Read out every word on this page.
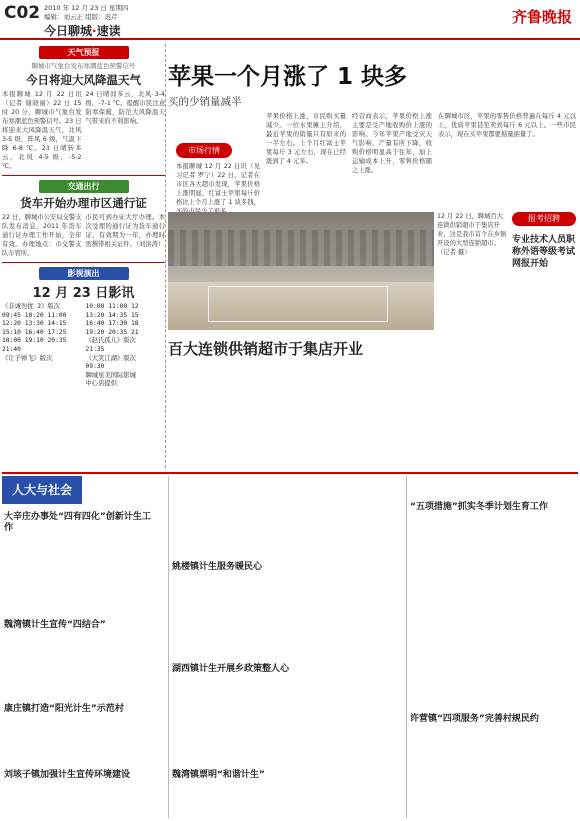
C02 2010 年 12 月 23 日 星期四
编辑：刘云正 组版：迟芹
今日聊城·速读
齐鲁晚报
天气预报
聊城市气象台发布寒潮蓝色预警信号
今日将迎大风降温天气
本报聊城 12 月 22 日讯（记者 谢晓丽）22 日 15 时 20 分，聊城市气象台发布寒潮蓝色预警信号。23 日将迎来大风降温天气，北风 3-5 级，阵风 6 级，气温下降 6-8 ℃。23 日晴转多云，北风 4-5 级，-5-2 ℃。
24 日晴间多云，北风 3-4 级，-7-1 ℃。提醒市民注意防寒保暖，防范大风降温天气带来的不利影响。
交通出行
货车开始办理市区通行证
22 日，聊城市公安局交警支队发布消息，2011 年货车通行证办理工作开始，全年有效。办理地点：市交警支队车管所。
市民可到办证大厅办理。本次受理的通行证为货车通行证，有效期为一年，办理时需携带相关证件。（刘洪涛）
影视演出
12 月 23 日影讯
《非诚勿扰 2》版次
09:45 10:20 11:00
12:20 13:30 14:15
15:10 16:40 17:25
18:00 19:10 20:35
21:40
《让子弹飞》版次
10:00 11:00 12
13:20 14:35 15
16:40 17:30 18
19:20 20:35 21
《赵氏孤儿》版次
21:35
《大笑江湖》版次
09:30
聊城星美国际影城
中心店提供
苹果一个月涨了 1 块多
买的少销量减半
市场行情
本报聊城 12 月 22 日讯（见习记者 罗宁）22 日，记者在市区各大超市发现，苹果价格上涨明显，红富士苹果每斤价格比上个月上涨了 1 块多钱，
苹果价格上涨，市民购买量减少。一位水果摊主介绍，最近苹果的销量只有原来的一半左右。上个月红富士苹果每斤 3 元左右，现在已经涨到了 4 元多。
经营商表示，苹果价格上涨主要是受产地收购价上涨的影响。今年苹果产地受灾天气影响，产量有所下降，收购价格明显高于往年，加上运输成本上升，零售价格随之上涨。
在聊城市区，苹果的零售价格普遍在每斤 4 元以上，优质苹果甚至卖到每斤 6 元以上。一些市民表示，现在买苹果都要掂量掂量了。
12 月 22 日，聊城百大连锁供销超市于集店开业，这是我市首个在乡镇开设的大型连锁超市。（记者 摄）
报考招聘
专业技术人员职称外语等级考试网报开始
百大连锁供销超市于集店开业
人大与社会
大辛庄办事处“四有四化”创新计生工作
魏湾镇计生宣传“四结合”
康庄镇打造“阳光计生”示范村
刘垓子镇加强计生宣传环境建设
姚楼镇计生服务暖民心
湖西镇计生开展乡政策整人心
魏湾镇票明“和谐计生”
“五项措施”抓实冬季计划生育工作
许营镇“四项服务”完善村规民约
